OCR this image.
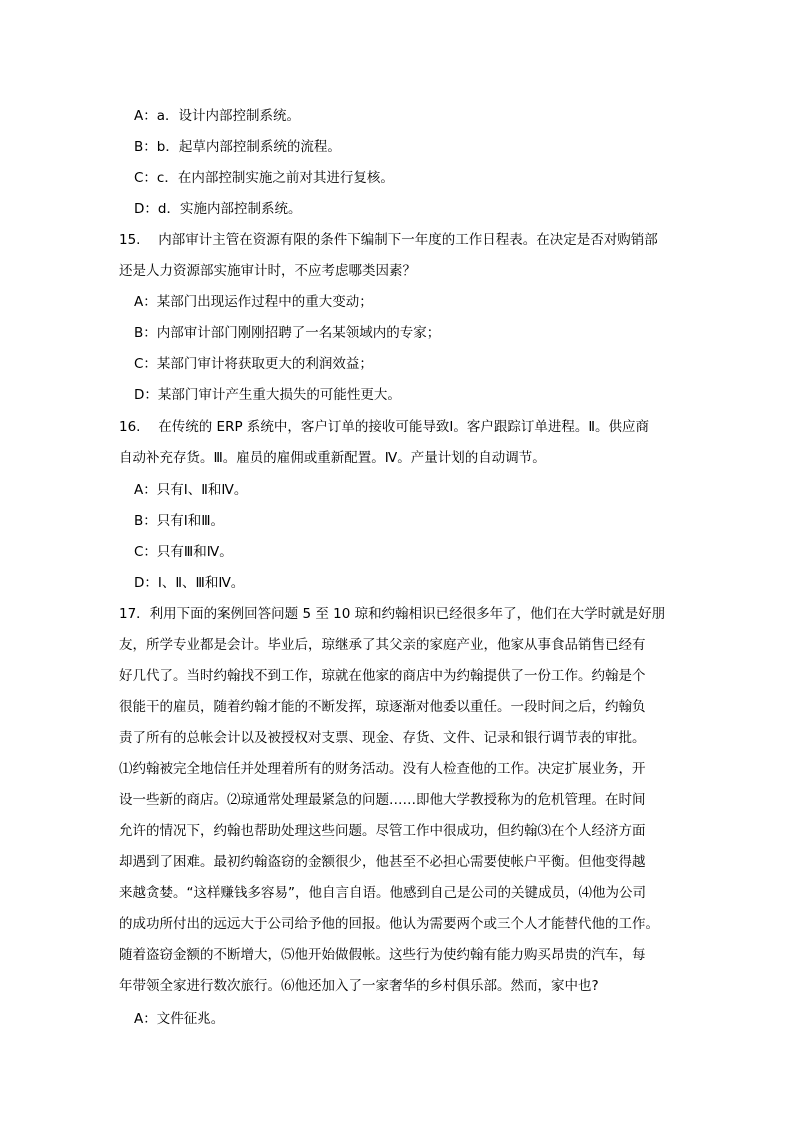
A：a．设计内部控制系统。
B：b．起草内部控制系统的流程。
C：c．在内部控制实施之前对其进行复核。
D：d．实施内部控制系统。
15.　 内部审计主管在资源有限的条件下编制下一年度的工作日程表。在决定是否对购销部
还是人力资源部实施审计时，不应考虑哪类因素？
A：某部门出现运作过程中的重大变动；
B：内部审计部门刚刚招聘了一名某领域内的专家；
C：某部门审计将获取更大的利润效益；
D：某部门审计产生重大损失的可能性更大。
16.　 在传统的 ERP 系统中，客户订单的接收可能导致Ⅰ。客户跟踪订单进程。Ⅱ。供应商
自动补充存货。Ⅲ。雇员的雇佣或重新配置。Ⅳ。产量计划的自动调节。
A：只有Ⅰ、Ⅱ和Ⅳ。
B：只有Ⅰ和Ⅲ。
C：只有Ⅲ和Ⅳ。
D：Ⅰ、Ⅱ、Ⅲ和Ⅳ。
17．利用下面的案例回答问题 5 至 10 琼和约翰相识已经很多年了，他们在大学时就是好朋
友，所学专业都是会计。毕业后，琼继承了其父亲的家庭产业，他家从事食品销售已经有
好几代了。当时约翰找不到工作，琼就在他家的商店中为约翰提供了一份工作。约翰是个
很能干的雇员，随着约翰才能的不断发挥，琼逐渐对他委以重任。一段时间之后，约翰负
责了所有的总帐会计以及被授权对支票、现金、存货、文件、记录和银行调节表的审批。
⑴约翰被完全地信任并处理着所有的财务活动。没有人检查他的工作。决定扩展业务，开
设一些新的商店。⑵琼通常处理最紧急的问题……即他大学教授称为的危机管理。在时间
允许的情况下，约翰也帮助处理这些问题。尽管工作中很成功，但约翰⑶在个人经济方面
却遇到了困难。最初约翰盗窃的金额很少，他甚至不必担心需要使帐户平衡。但他变得越
来越贪婪。“这样赚钱多容易”，他自言自语。他感到自己是公司的关键成员，⑷他为公司
的成功所付出的远远大于公司给予他的回报。他认为需要两个或三个人才能替代他的工作。
随着盗窃金额的不断增大，⑸他开始做假帐。这些行为使约翰有能力购买昂贵的汽车，每
年带领全家进行数次旅行。⑹他还加入了一家奢华的乡村俱乐部。然而，家中也?
A：文件征兆。
